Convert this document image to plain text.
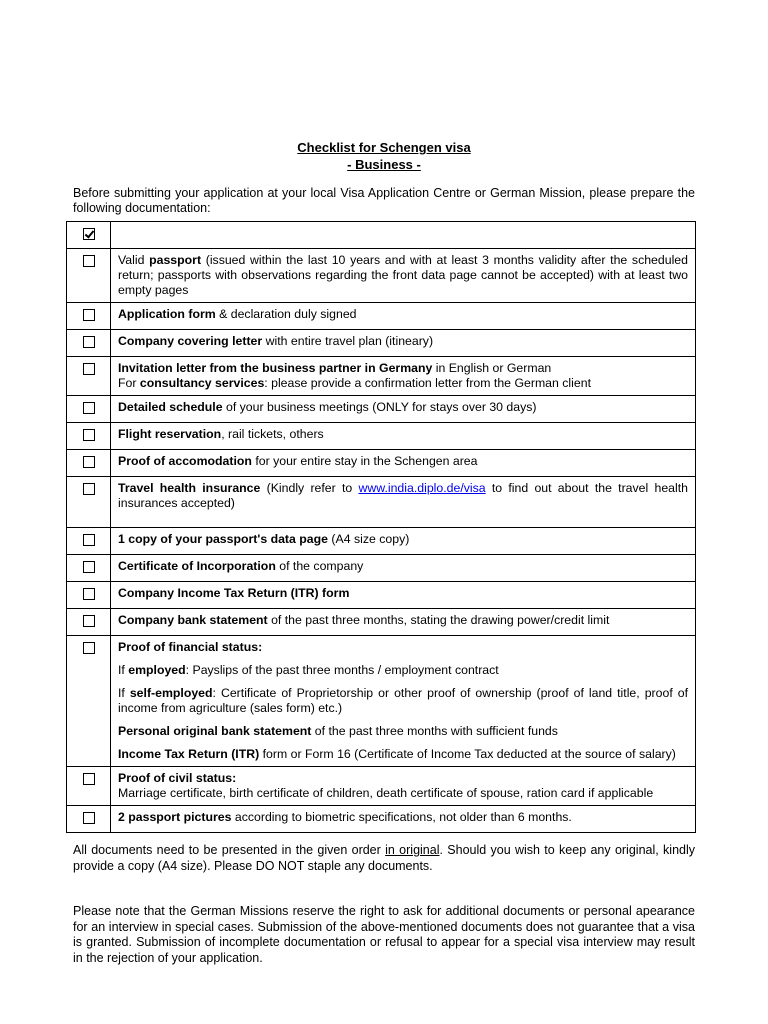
Checklist for Schengen visa
- Business -
Before submitting your application at your local Visa Application Centre or German Mission, please prepare the following documentation:

	Valid passport (issued within the last 10 years and with at least 3 months validity after the scheduled return; passports with observations regarding the front data page cannot be accepted) with at least two empty pages

	Application form & declaration duly signed

	Company covering letter with entire travel plan (itineary)

	Invitation letter from the business partner in Germany in English or German
For consultancy services: please provide a confirmation letter from the German client

	Detailed schedule of your business meetings (ONLY for stays over 30 days)

	Flight reservation, rail tickets, others

	Proof of accomodation for your entire stay in the Schengen area

	Travel health insurance (Kindly refer to www.india.diplo.de/visa to find out about the travel health insurances accepted)

	1 copy of your passport's data page (A4 size copy)

	Certificate of Incorporation of the company

	Company Income Tax Return (ITR) form

	Company bank statement of the past three months, stating the drawing power/credit limit

	Proof of financial status:
If employed: Payslips of the past three months / employment contract
If self-employed: Certificate of Proprietorship or other proof of ownership (proof of land title, proof of income from agriculture (sales form) etc.)
Personal original bank statement of the past three months with sufficient funds
Income Tax Return (ITR) form or Form 16 (Certificate of Income Tax deducted at the source of salary)

	Proof of civil status:
Marriage certificate, birth certificate of children, death certificate of spouse, ration card if applicable

	2 passport pictures according to biometric specifications, not older than 6 months.
All documents need to be presented in the given order in original. Should you wish to keep any original, kindly provide a copy (A4 size). Please DO NOT staple any documents.
Please note that the German Missions reserve the right to ask for additional documents or personal apearance for an interview in special cases. Submission of the above-mentioned documents does not guarantee that a visa is granted. Submission of incomplete documentation or refusal to appear for a special visa interview may result in the rejection of your application.
